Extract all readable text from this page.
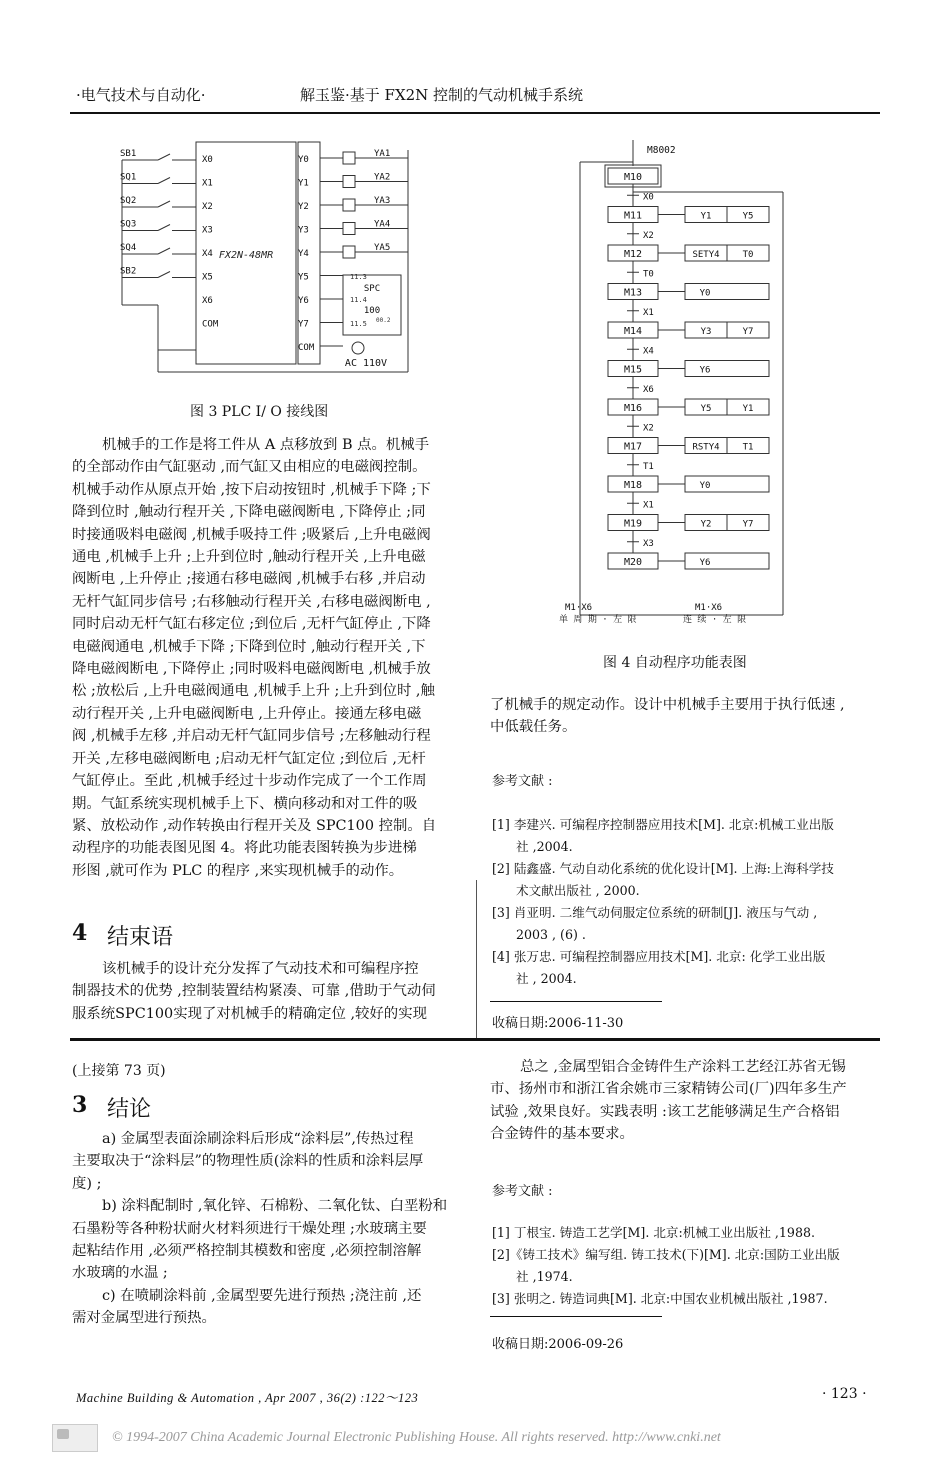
·电气技术与自动化·	解玉鉴·基于 FX2N 控制的气动机械手系统
X0
X1
X2
X3
X4
X5
X6
COM
SB1
SQ1
SQ2
SQ3
SQ4
SB2
Y0
Y1
Y2
Y3
Y4
Y5
Y6
Y7
COM
YA1
YA2
YA3
YA4
YA5
FX2N-48MR
11.3
SPC
11.4
100
11.5 00.2
AC 110V
图 3 PLC I/ O 接线图
机械手的工作是将工件从 A 点移放到 B 点。机械手
的全部动作由气缸驱动 ,而气缸又由相应的电磁阀控制。
机械手动作从原点开始 ,按下启动按钮时 ,机械手下降 ;下
降到位时 ,触动行程开关 ,下降电磁阀断电 ,下降停止 ;同
时接通吸料电磁阀 ,机械手吸持工件 ;吸紧后 ,上升电磁阀
通电 ,机械手上升 ;上升到位时 ,触动行程开关 ,上升电磁
阀断电 ,上升停止 ;接通右移电磁阀 ,机械手右移 ,并启动
无杆气缸同步信号 ;右移触动行程开关 ,右移电磁阀断电 ,
同时启动无杆气缸右移定位 ;到位后 ,无杆气缸停止 ,下降
电磁阀通电 ,机械手下降 ;下降到位时 ,触动行程开关 ,下
降电磁阀断电 ,下降停止 ;同时吸料电磁阀断电 ,机械手放
松 ;放松后 ,上升电磁阀通电 ,机械手上升 ;上升到位时 ,触
动行程开关 ,上升电磁阀断电 ,上升停止。接通左移电磁
阀 ,机械手左移 ,并启动无杆气缸同步信号 ;左移触动行程
开关 ,左移电磁阀断电 ;启动无杆气缸定位 ;到位后 ,无杆
气缸停止。至此 ,机械手经过十步动作完成了一个工作周
期。气缸系统实现机械手上下、横向移动和对工件的吸
紧、放松动作 ,动作转换由行程开关及 SPC100 控制。自
动程序的功能表图见图 4。将此功能表图转换为步进梯
形图 ,就可作为 PLC 的程序 ,来实现机械手的动作。
4 结束语
该机械手的设计充分发挥了气动技术和可编程序控
制器技术的优势 ,控制装置结构紧凑、可靠 ,借助于气动伺
服系统SPC100实现了对机械手的精确定位 ,较好的实现
M8002
M10
X0
M11	Y1	Y5
X2
M12	SETY4	T0
T0
M13	Y0
X1
M14	Y3	Y7
X4
M15	Y6
X6
M16	Y5	Y1
X2
M17	RSTY4	T1
T1
M18	Y0
X1
M19	Y2	Y7
X3
M20	Y6
M1·X6
单 周 期 · 左 限
M1·X6
连 续 · 左 限
图 4 自动程序功能表图
了机械手的规定动作。设计中机械手主要用于执行低速 ,
中低载任务。
参考文献 :
[1] 李建兴. 可编程序控制器应用技术[M]. 北京:机械工业出版
社 ,2004.
[2] 陆鑫盛. 气动自动化系统的优化设计[M]. 上海:上海科学技
术文献出版社 , 2000.
[3] 肖亚明. 二维气动伺服定位系统的研制[J]. 液压与气动 ,
2003 , (6) .
[4] 张万忠. 可编程控制器应用技术[M]. 北京: 化学工业出版
社 , 2004.
收稿日期:2006-11-30
(上接第 73 页)
3 结论
a) 金属型表面涂刷涂料后形成“涂料层”,传热过程
主要取决于“涂料层”的物理性质(涂料的性质和涂料层厚
度) ;
b) 涂料配制时 ,氧化锌、石棉粉、二氧化钛、白垩粉和
石墨粉等各种粉状耐火材料须进行干燥处理 ;水玻璃主要
起粘结作用 ,必须严格控制其模数和密度 ,必须控制溶解
水玻璃的水温 ;
c) 在喷刷涂料前 ,金属型要先进行预热 ;浇注前 ,还
需对金属型进行预热。
总之 ,金属型铝合金铸件生产涂料工艺经江苏省无锡
市、扬州市和浙江省余姚市三家精铸公司(厂)四年多生产
试验 ,效果良好。实践表明 :该工艺能够满足生产合格铝
合金铸件的基本要求。
参考文献 :
[1] 丁根宝. 铸造工艺学[M]. 北京:机械工业出版社 ,1988.
[2]《铸工技术》编写组. 铸工技术(下)[M]. 北京:国防工业出版
社 ,1974.
[3] 张明之. 铸造词典[M]. 北京:中国农业机械出版社 ,1987.
收稿日期:2006-09-26
Machine Building & Automation , Apr 2007 , 36(2) :122～123	· 123 ·
© 1994-2007 China Academic Journal Electronic Publishing House. All rights reserved. http://www.cnki.net
